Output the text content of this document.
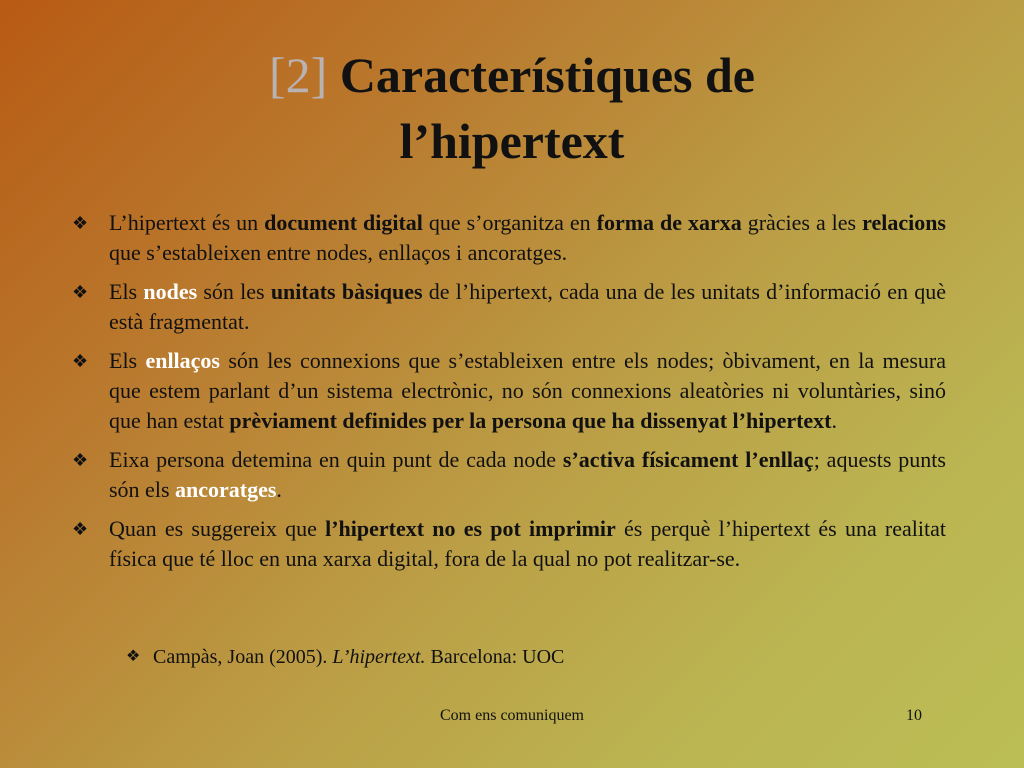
[2] Característiques de
l’hipertext
❖ L’hipertext és un document digital que s’organitza en forma de xarxa gràcies a les relacions que s’estableixen entre nodes, enllaços i ancoratges.
❖ Els nodes són les unitats bàsiques de l’hipertext, cada una de les unitats d’informació en què està fragmentat.
❖ Els enllaços són les connexions que s’estableixen entre els nodes; òbivament, en la mesura que estem parlant d’un sistema electrònic, no són connexions aleatòries ni voluntàries, sinó que han estat prèviament definides per la persona que ha dissenyat l’hipertext.
❖ Eixa persona detemina en quin punt de cada node s’activa físicament l’enllaç; aquests punts són els ancoratges.
❖ Quan es suggereix que l’hipertext no es pot imprimir és perquè l’hipertext és una realitat física que té lloc en una xarxa digital, fora de la qual no pot realitzar-se.
❖ Campàs, Joan (2005). L’hipertext. Barcelona: UOC
Com ens comuniquem	10
